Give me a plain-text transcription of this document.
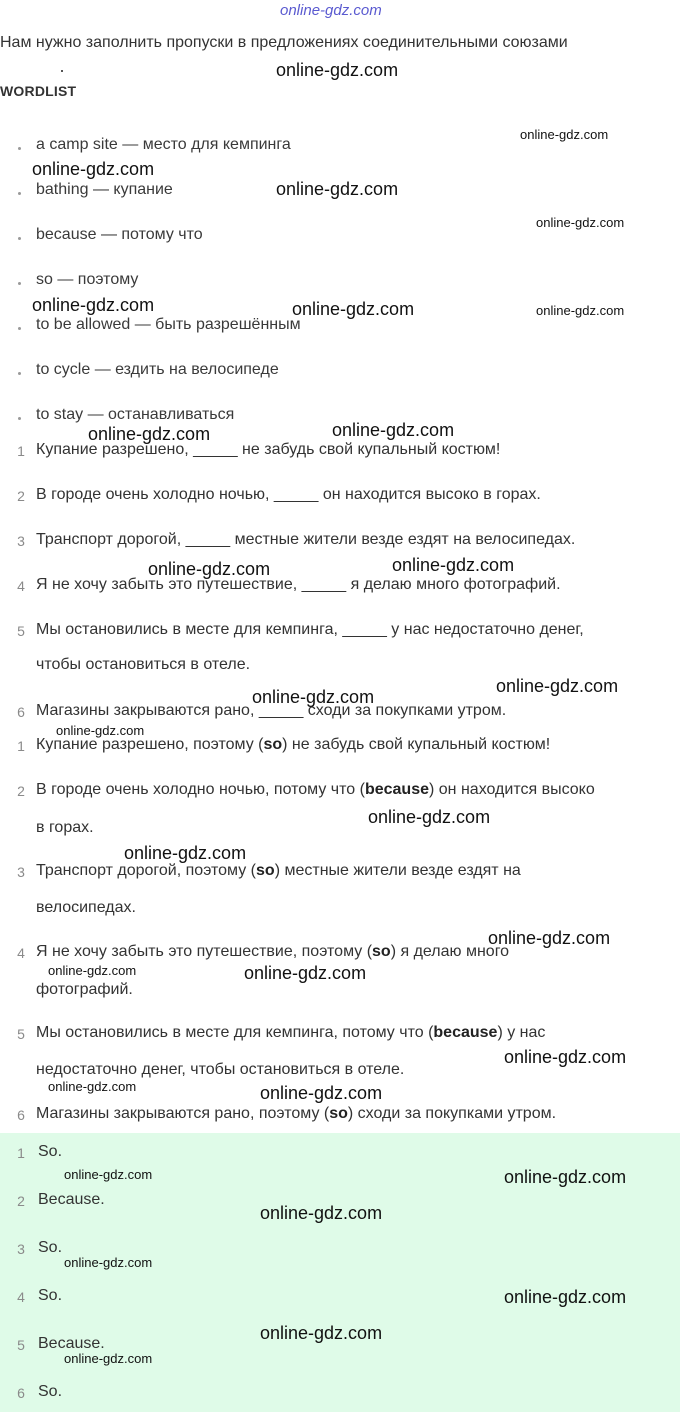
online-gdz.com
Нам нужно заполнить пропуски в предложениях соединительными союзами
WORDLIST
a camp site — место для кемпинга
bathing — купание
because — потому что
so — поэтому
to be allowed — быть разрешённым
to cycle — ездить на велосипеде
to stay — останавливаться
1 Купание разрешено, _____ не забудь свой купальный костюм!
2 В городе очень холодно ночью, _____ он находится высоко в горах.
3 Транспорт дорогой, _____ местные жители везде ездят на велосипедах.
4 Я не хочу забыть это путешествие, _____ я делаю много фотографий.
5 Мы остановились в месте для кемпинга, _____ у нас недостаточно денег,
чтобы остановиться в отеле.
6 Магазины закрываются рано, _____ сходи за покупками утром.
1 Купание разрешено, поэтому (so) не забудь свой купальный костюм!
2 В городе очень холодно ночью, потому что (because) он находится высоко
в горах.
3 Транспорт дорогой, поэтому (so) местные жители везде ездят на
велосипедах.
4 Я не хочу забыть это путешествие, поэтому (so) я делаю много
фотографий.
5 Мы остановились в месте для кемпинга, потому что (because) у нас
недостаточно денег, чтобы остановиться в отеле.
6 Магазины закрываются рано, поэтому (so) сходи за покупками утром.
1 So.
2 Because.
3 So.
4 So.
5 Because.
6 So.
online-gdz.com
online-gdz.com
online-gdz.com
online-gdz.com	online-gdz.com
online-gdz.com	online-gdz.com
online-gdz.com	online-gdz.com
online-gdz.com
online-gdz.com
online-gdz.com
online-gdz.com
online-gdz.com
online-gdz.com
online-gdz.com
online-gdz.com
online-gdz.com
online-gdz.com
online-gdz.com
online-gdz.com
online-gdz.com
online-gdz.com
online-gdz.com
online-gdz.com
online-gdz.com
online-gdz.com
online-gdz.com
online-gdz.com
online-gdz.com
